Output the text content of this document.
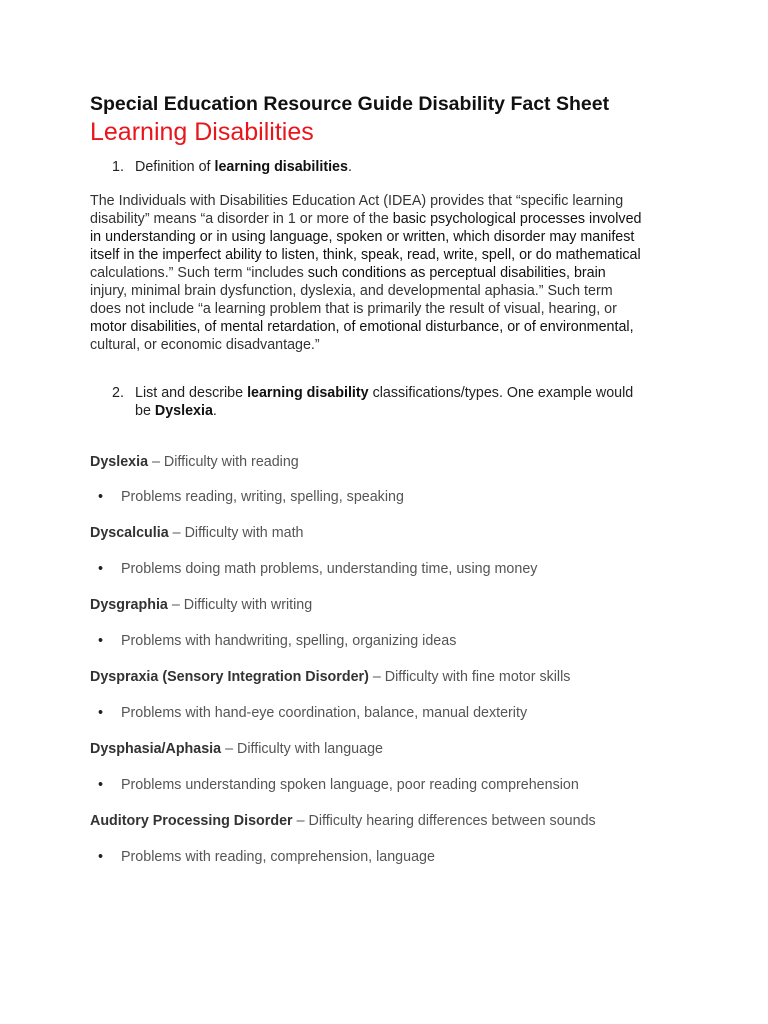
Special Education Resource Guide Disability Fact Sheet
Learning Disabilities
1. Definition of learning disabilities.

The Individuals with Disabilities Education Act (IDEA) provides that “specific learning
disability” means “a disorder in 1 or more of the basic psychological processes involved
in understanding or in using language, spoken or written, which disorder may manifest
itself in the imperfect ability to listen, think, speak, read, write, spell, or do mathematical
calculations.” Such term “includes such conditions as perceptual disabilities, brain
injury, minimal brain dysfunction, dyslexia, and developmental aphasia.” Such term
does not include “a learning problem that is primarily the result of visual, hearing, or
motor disabilities, of mental retardation, of emotional disturbance, or of environmental,
cultural, or economic disadvantage.”

2. List and describe learning disability classifications/types. One example would
be Dyslexia.
Dyslexia – Difficulty with reading
• Problems reading, writing, spelling, speaking
Dyscalculia – Difficulty with math
• Problems doing math problems, understanding time, using money
Dysgraphia – Difficulty with writing
• Problems with handwriting, spelling, organizing ideas
Dyspraxia (Sensory Integration Disorder) – Difficulty with fine motor skills
• Problems with hand-eye coordination, balance, manual dexterity
Dysphasia/Aphasia – Difficulty with language
• Problems understanding spoken language, poor reading comprehension
Auditory Processing Disorder – Difficulty hearing differences between sounds
• Problems with reading, comprehension, language
